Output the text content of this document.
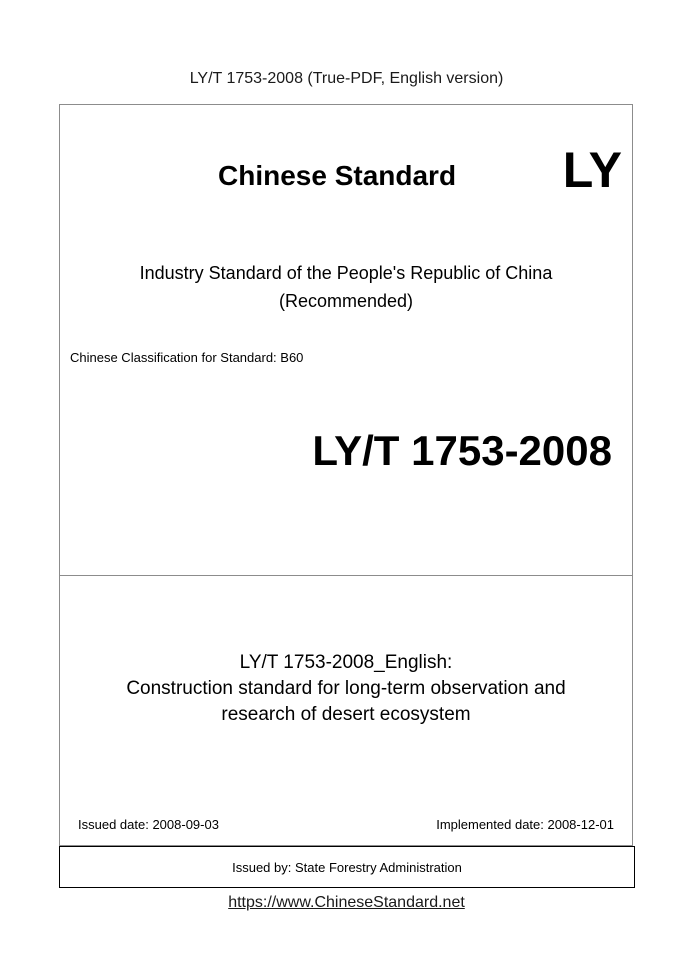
LY/T 1753-2008 (True-PDF, English version)
Chinese Standard LY
Industry Standard of the People's Republic of China
(Recommended)
Chinese Classification for Standard: B60
LY/T 1753-2008
LY/T 1753-2008_English:
Construction standard for long-term observation and
research of desert ecosystem
Issued date: 2008-09-03	Implemented date: 2008-12-01
Issued by: State Forestry Administration
https://www.ChineseStandard.net
